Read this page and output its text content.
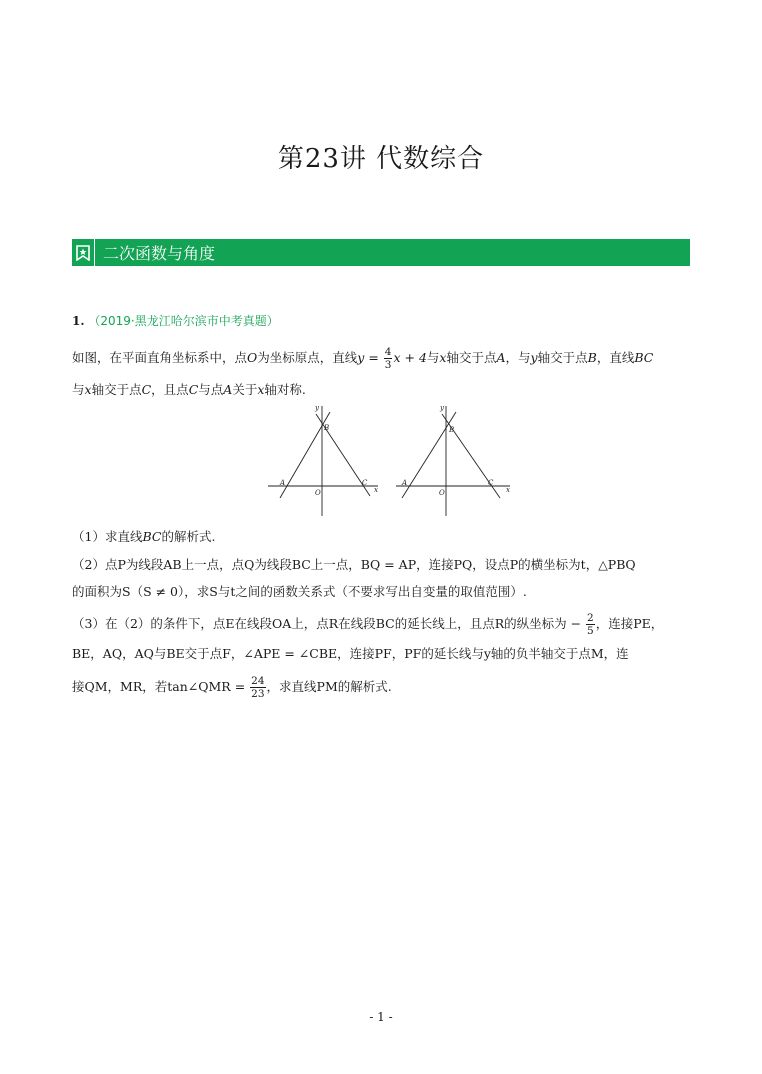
第23讲 代数综合
二次函数与角度
1. （2019·黑龙江哈尔滨市中考真题）
如图，在平面直角坐标系中，点O为坐标原点，直线$y = \frac{4}{3}$ x + 4与x轴交于点A，与y轴交于点B，直线BC
与x轴交于点C，且点C与点A关于x轴对称.
y
x
B
A
O
C
y
x
B
A
O
C
（1）求直线BC的解析式.
（2）点P为线段AB上一点，点Q为线段BC上一点，BQ = AP，连接PQ，设点P的横坐标为t，△PBQ
的面积为S（S ≠ 0），求S与t之间的函数关系式（不要求写出自变量的取值范围）.
（3）在（2）的条件下，点E在线段OA上，点R在线段BC的延长线上，且点R的纵坐标为 − $\frac{2}{5}$ ，连接PE，
BE，AQ，AQ与BE交于点F，∠APE = ∠CBE，连接PF，PF的延长线与y轴的负半轴交于点M，连
接QM，MR，若tan∠QMR = $\frac{24}{23}$ ，求直线PM的解析式.
- 1 -
